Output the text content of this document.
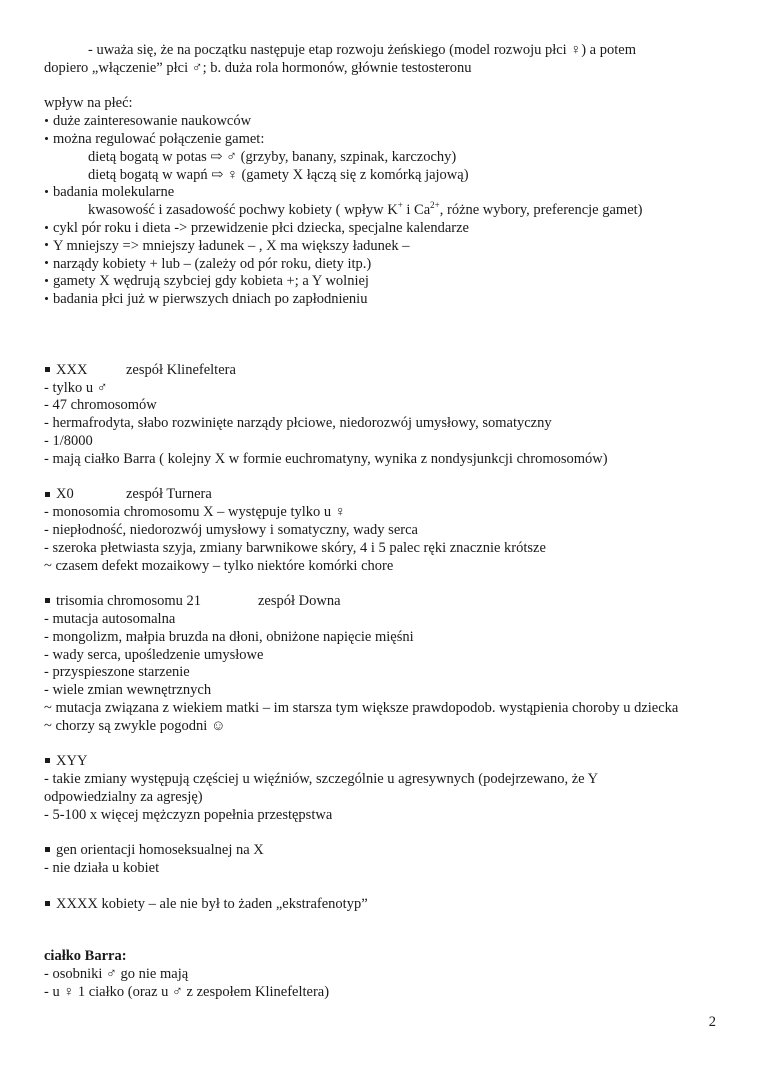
- uważa się, że na początku następuje etap rozwoju żeńskiego (model rozwoju płci ♀) a potem
dopiero „włączenie” płci ♂; b. duża rola hormonów, głównie testosteronu
wpływ na płeć:
duże zainteresowanie naukowców
można regulować połączenie gamet:
dietą bogatą w potas ⇨ ♂ (grzyby, banany, szpinak, karczochy)
dietą bogatą w wapń ⇨ ♀ (gamety X łączą się z komórką jajową)
badania molekularne
kwasowość i zasadowość pochwy kobiety ( wpływ K+ i $Ca^{2+}$, różne wybory, preferencje gamet)
cykl pór roku i dieta -> przewidzenie płci dziecka, specjalne kalendarze
Y mniejszy => mniejszy ładunek – , X ma większy ładunek –
narządy kobiety + lub – (zależy od pór roku, diety itp.)
gamety X wędrują szybciej gdy kobieta +; a Y wolniej
badania płci już w pierwszych dniach po zapłodnieniu
XXX	zespół Klinefeltera
- tylko u ♂
- 47 chromosomów
- hermafrodyta, słabo rozwinięte narządy płciowe, niedorozwój umysłowy, somatyczny
- 1/8000
- mają ciałko Barra ( kolejny X w formie euchromatyny, wynika z nondysjunkcji chromosomów)
X0	zespół Turnera
- monosomia chromosomu X – występuje tylko u ♀
- niepłodność, niedorozwój umysłowy i somatyczny, wady serca
- szeroka płetwiasta szyja, zmiany barwnikowe skóry, 4 i 5 palec ręki znacznie krótsze
~ czasem defekt mozaikowy – tylko niektóre komórki chore
trisomia chromosomu 21	zespół Downa
- mutacja autosomalna
- mongolizm, małpia bruzda na dłoni, obniżone napięcie mięśni
- wady serca, upośledzenie umysłowe
- przyspieszone starzenie
- wiele zmian wewnętrznych
~ mutacja związana z wiekiem matki – im starsza tym większe prawdopodob. wystąpienia choroby u dziecka
~ chorzy są zwykle pogodni ☺
XYY
- takie zmiany występują częściej u więźniów, szczególnie u agresywnych (podejrzewano, że Y
odpowiedzialny za agresję)
- 5-100 x więcej mężczyzn popełnia przestępstwa
gen orientacji homoseksualnej na X
- nie działa u kobiet
XXXX kobiety – ale nie był to żaden „ekstrafenotyp”
ciałko Barra:
- osobniki ♂ go nie mają
- u ♀ 1 ciałko (oraz u ♂ z zespołem Klinefeltera)
2
